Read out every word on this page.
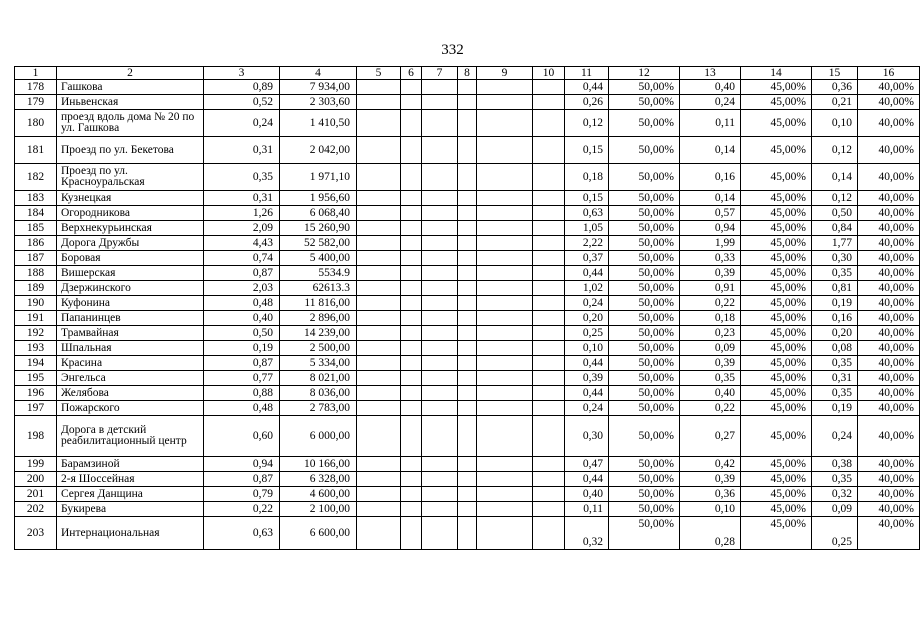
332
1	2	3	4	5	6	7	8	9	10	11	12	13	14	15	16
178	Гашкова	0,89	7 934,00							0,44	50,00%	0,40	45,00%	0,36	40,00%
179	Иньвенская	0,52	2 303,60							0,26	50,00%	0,24	45,00%	0,21	40,00%
180	проезд вдоль дома № 20 по ул. Гашкова	0,24	1 410,50							0,12	50,00%	0,11	45,00%	0,10	40,00%
181	Проезд по ул. Бекетова	0,31	2 042,00							0,15	50,00%	0,14	45,00%	0,12	40,00%
182	Проезд по ул. Красноуральская	0,35	1 971,10							0,18	50,00%	0,16	45,00%	0,14	40,00%
183	Кузнецкая	0,31	1 956,60							0,15	50,00%	0,14	45,00%	0,12	40,00%
184	Огородникова	1,26	6 068,40							0,63	50,00%	0,57	45,00%	0,50	40,00%
185	Верхнекурьинская	2,09	15 260,90							1,05	50,00%	0,94	45,00%	0,84	40,00%
186	Дорога Дружбы	4,43	52 582,00							2,22	50,00%	1,99	45,00%	1,77	40,00%
187	Боровая	0,74	5 400,00							0,37	50,00%	0,33	45,00%	0,30	40,00%
188	Вишерская	0,87	5534.9							0,44	50,00%	0,39	45,00%	0,35	40,00%
189	Дзержинского	2,03	62613.3							1,02	50,00%	0,91	45,00%	0,81	40,00%
190	Куфонина	0,48	11 816,00							0,24	50,00%	0,22	45,00%	0,19	40,00%
191	Папанинцев	0,40	2 896,00							0,20	50,00%	0,18	45,00%	0,16	40,00%
192	Трамвайная	0,50	14 239,00							0,25	50,00%	0,23	45,00%	0,20	40,00%
193	Шпальная	0,19	2 500,00							0,10	50,00%	0,09	45,00%	0,08	40,00%
194	Красина	0,87	5 334,00							0,44	50,00%	0,39	45,00%	0,35	40,00%
195	Энгельса	0,77	8 021,00							0,39	50,00%	0,35	45,00%	0,31	40,00%
196	Желябова	0,88	8 036,00							0,44	50,00%	0,40	45,00%	0,35	40,00%
197	Пожарского	0,48	2 783,00							0,24	50,00%	0,22	45,00%	0,19	40,00%
198	Дорога в детский реабилитационный центр	0,60	6 000,00							0,30	50,00%	0,27	45,00%	0,24	40,00%
199	Барамзиной	0,94	10 166,00							0,47	50,00%	0,42	45,00%	0,38	40,00%
200	2-я Шоссейная	0,87	6 328,00							0,44	50,00%	0,39	45,00%	0,35	40,00%
201	Сергея Данщина	0,79	4 600,00							0,40	50,00%	0,36	45,00%	0,32	40,00%
202	Букирева	0,22	2 100,00							0,11	50,00%	0,10	45,00%	0,09	40,00%
203	Интернациональная	0,63	6 600,00							0,32	50,00%	0,28	45,00%	0,25	40,00%
